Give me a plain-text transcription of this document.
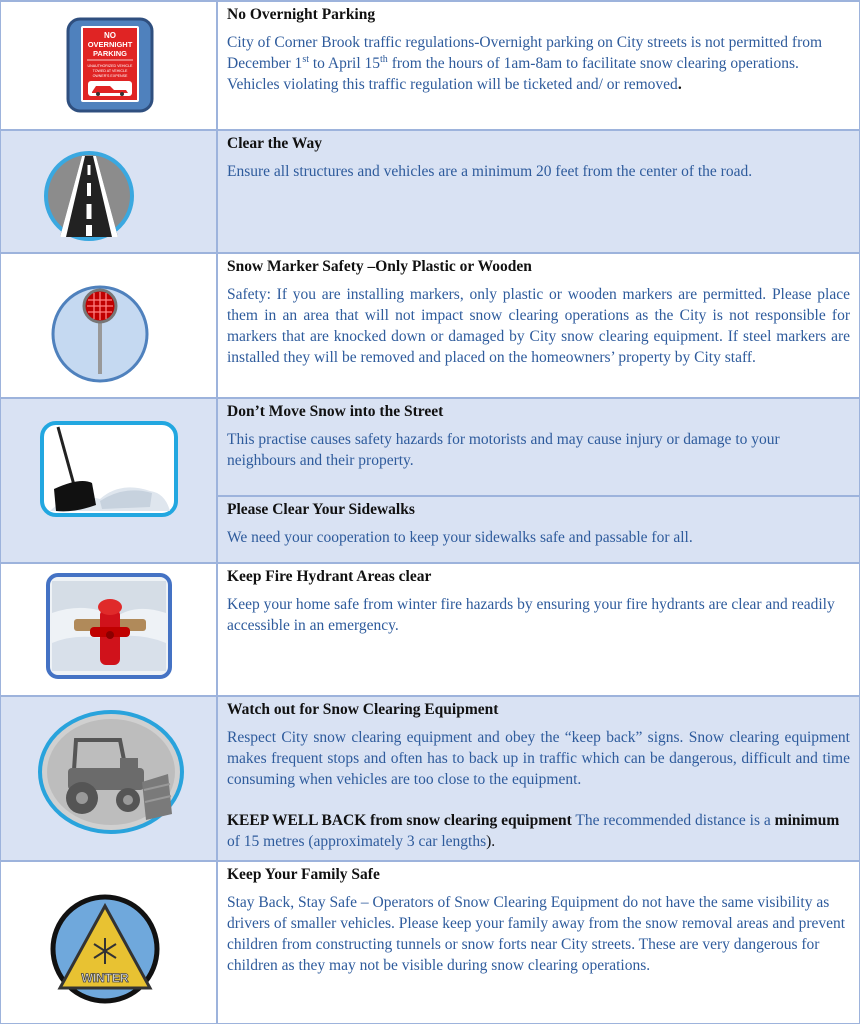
NO
OVERNIGHT
PARKING
UNAUTHORIZED VEHICLE
TOWED AT VEHICLE
OWNER'S EXPENSE
No Overnight Parking
City of Corner Brook traffic regulations-Overnight parking on City streets is not permitted from December 1st to April 15th from the hours of 1am-8am to facilitate snow clearing operations. Vehicles violating this traffic regulation will be ticketed and/ or removed.
Clear the Way
Ensure all structures and vehicles are a minimum 20 feet from the center of the road.
Snow Marker Safety –Only Plastic or Wooden
Safety: If you are installing markers, only plastic or wooden markers are permitted. Please place them in an area that will not impact snow clearing operations as the City is not responsible for markers that are knocked down or damaged by City snow clearing equipment. If steel markers are installed they will be removed and placed on the homeowners’ property by City staff.
Don’t Move Snow into the Street
This practise causes safety hazards for motorists and may cause injury or damage to your neighbours and their property.
Please Clear Your Sidewalks
We need your cooperation to keep your sidewalks safe and passable for all.
Keep Fire Hydrant Areas clear
Keep your home safe from winter fire hazards by ensuring your fire hydrants are clear and readily accessible in an emergency.
Watch out for Snow Clearing Equipment
Respect City snow clearing equipment and obey the “keep back” signs. Snow clearing equipment makes frequent stops and often has to back up in traffic which can be dangerous, difficult and time consuming when vehicles are too close to the equipment.
KEEP WELL BACK from snow clearing equipment The recommended distance is a minimum of 15 metres (approximately 3 car lengths).
WINTER
Keep Your Family Safe
Stay Back, Stay Safe – Operators of Snow Clearing Equipment do not have the same visibility as drivers of smaller vehicles. Please keep your family away from the snow removal areas and prevent children from constructing tunnels or snow forts near City streets. These are very dangerous for children as they may not be visible during snow clearing operations.
